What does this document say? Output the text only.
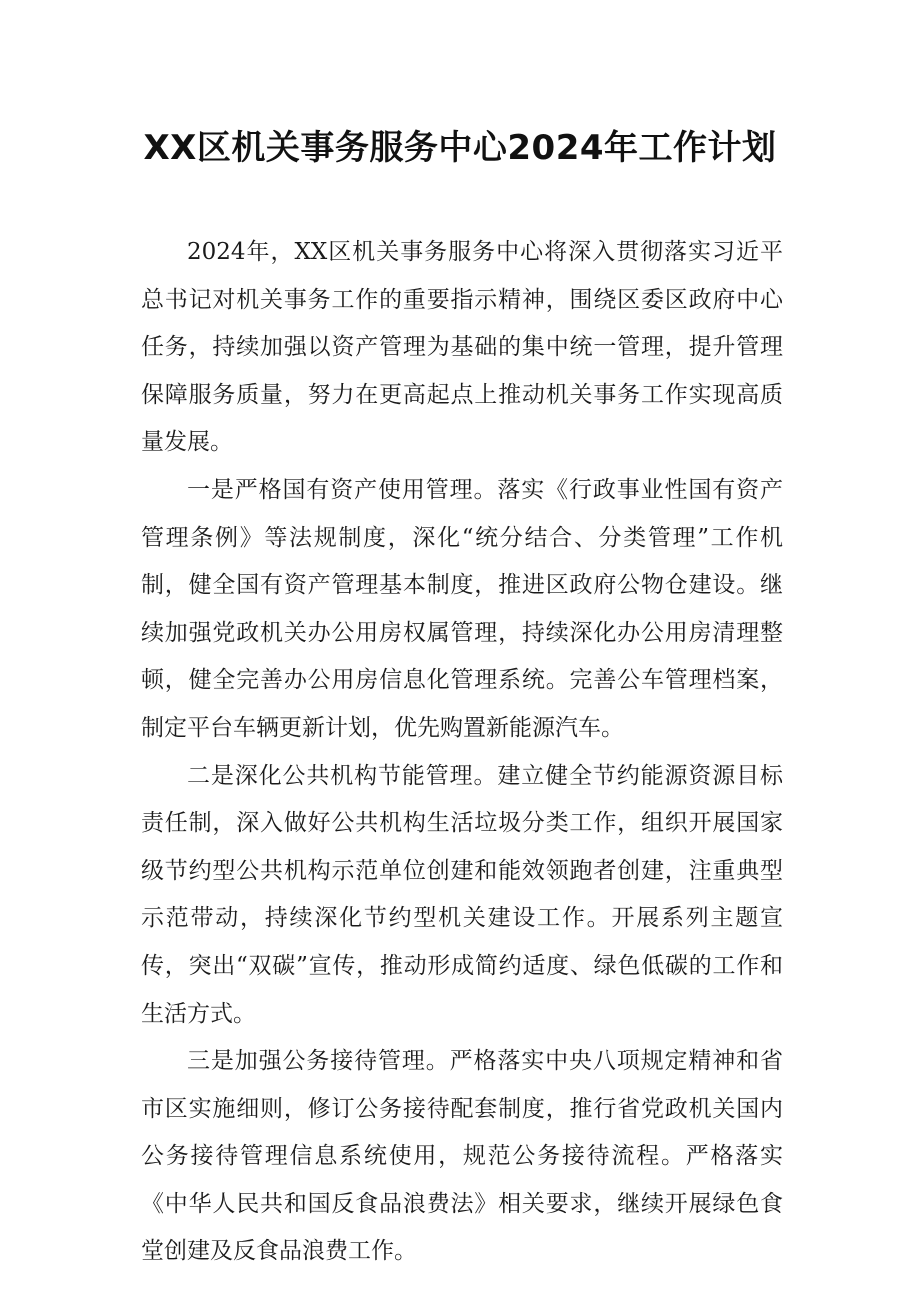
XX区机关事务服务中心2024年工作计划

2024年，XX区机关事务服务中心将深入贯彻落实习近平总书记对机关事务工作的重要指示精神，围绕区委区政府中心任务，持续加强以资产管理为基础的集中统一管理，提升管理保障服务质量，努力在更高起点上推动机关事务工作实现高质量发展。

一是严格国有资产使用管理。落实《行政事业性国有资产管理条例》等法规制度，深化“统分结合、分类管理”工作机制，健全国有资产管理基本制度，推进区政府公物仓建设。继续加强党政机关办公用房权属管理，持续深化办公用房清理整顿，健全完善办公用房信息化管理系统。完善公车管理档案，制定平台车辆更新计划，优先购置新能源汽车。

二是深化公共机构节能管理。建立健全节约能源资源目标责任制，深入做好公共机构生活垃圾分类工作，组织开展国家级节约型公共机构示范单位创建和能效领跑者创建，注重典型示范带动，持续深化节约型机关建设工作。开展系列主题宣传，突出“双碳”宣传，推动形成简约适度、绿色低碳的工作和生活方式。

三是加强公务接待管理。严格落实中央八项规定精神和省市区实施细则，修订公务接待配套制度，推行省党政机关国内公务接待管理信息系统使用，规范公务接待流程。严格落实《中华人民共和国反食品浪费法》相关要求，继续开展绿色食堂创建及反食品浪费工作。
